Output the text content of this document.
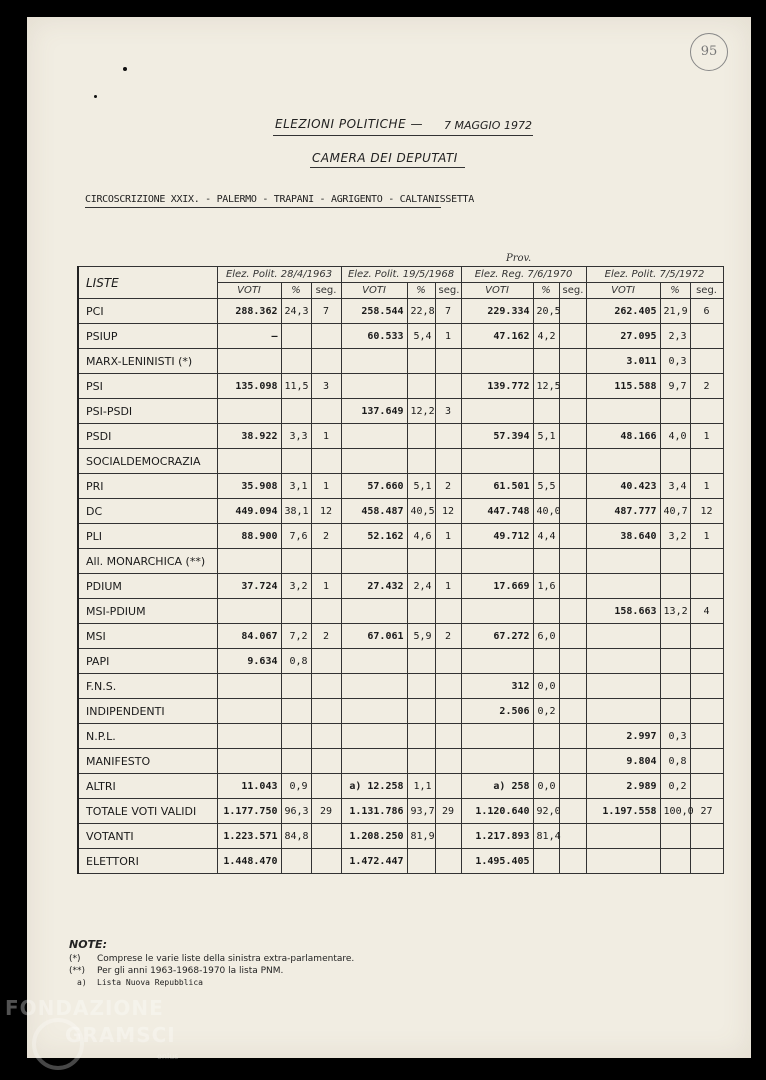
95
ELEZIONI POLITICHE — 7 MAGGIO 1972
CAMERA DEI DEPUTATI
CIRCOSCRIZIONE XXIX. - PALERMO - TRAPANI - AGRIGENTO - CALTANISSETTA
Prov.
LISTE	Elez. Polit. 28/4/1963			Elez. Polit. 19/5/1968			Elez. Reg. 7/6/1970			Elez. Polit. 7/5/1972		
	VOTI	%	seg.	VOTI	%	seg.	VOTI	%	seg.	VOTI	%	seg.
PCI	288.362	24,3	7	258.544	22,8	7	229.334	20,5		262.405	21,9	6
PSIUP	–			60.533	5,4	1	47.162	4,2		27.095	2,3	
MARX-LENINISTI (*)										3.011	0,3	
PSI	135.098	11,5	3				139.772	12,5		115.588	9,7	2
PSI-PSDI				137.649	12,2	3						
PSDI	38.922	3,3	1				57.394	5,1		48.166	4,0	1
SOCIALDEMOCRAZIA												
PRI	35.908	3,1	1	57.660	5,1	2	61.501	5,5		40.423	3,4	1
DC	449.094	38,1	12	458.487	40,5	12	447.748	40,0		487.777	40,7	12
PLI	88.900	7,6	2	52.162	4,6	1	49.712	4,4		38.640	3,2	1
All. MONARCHICA (**)												
PDIUM	37.724	3,2	1	27.432	2,4	1	17.669	1,6				
MSI-PDIUM										158.663	13,2	4
MSI	84.067	7,2	2	67.061	5,9	2	67.272	6,0				
PAPI	9.634	0,8										
F.N.S.							312	0,0				
INDIPENDENTI							2.506	0,2				
N.P.L.										2.997	0,3	
MANIFESTO										9.804	0,8	
ALTRI	11.043	0,9		a) 12.258	1,1		a) 258	0,0		2.989	0,2	
TOTALE VOTI VALIDI	1.177.750	96,3	29	1.131.786	93,7	29	1.120.640	92,0		1.197.558	100,0	27
VOTANTI	1.223.571	84,8		1.208.250	81,9		1.217.893	81,4				
ELETTORI	1.448.470			1.472.447			1.495.405					
NOTE:
(*) Comprese le varie liste della sinistra extra-parlamentare.
(**) Per gli anni 1963-1968-1970 la lista PNM.
a) Lista Nuova Repubblica
FONDAZIONE
GRAMSCI
onlus
